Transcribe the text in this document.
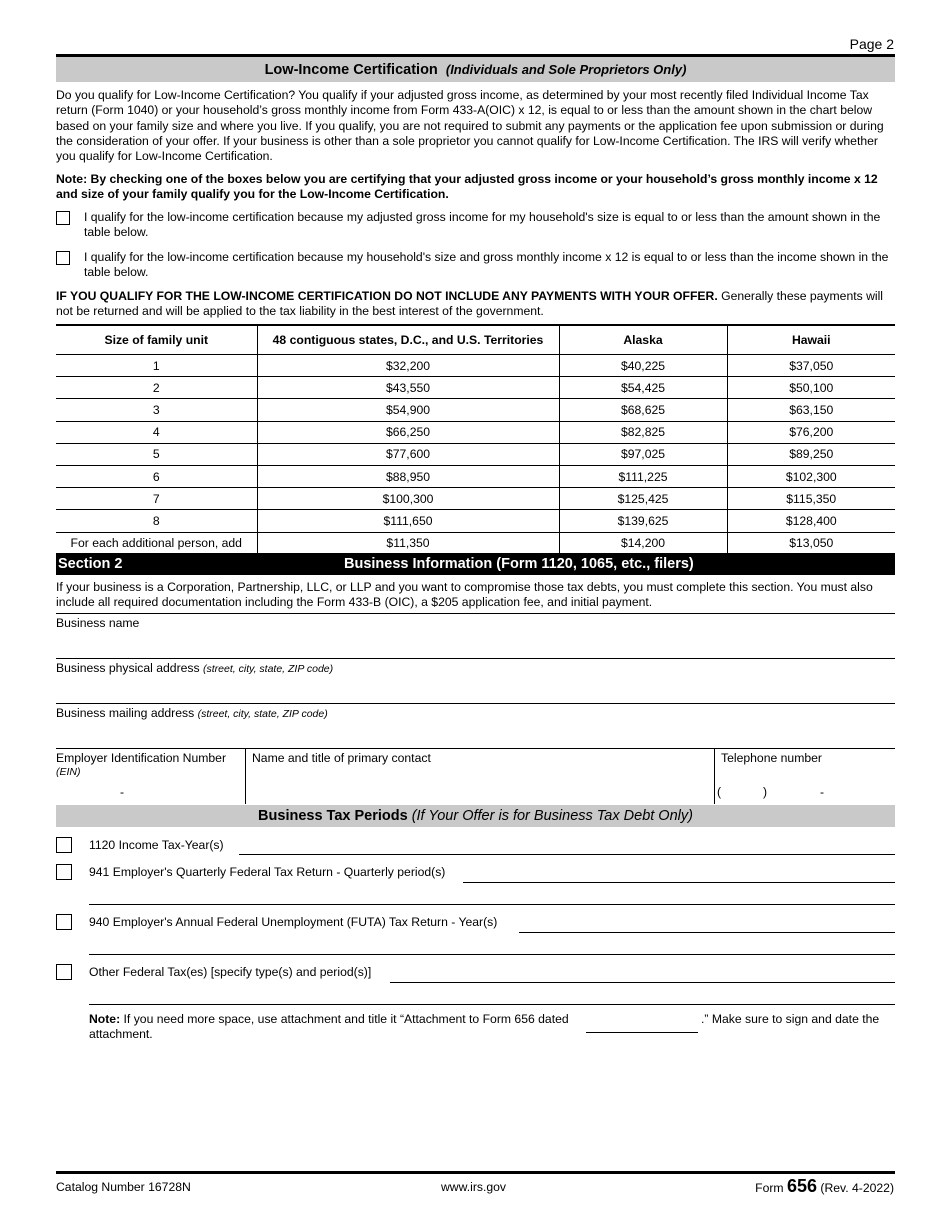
Page 2
Low-Income Certification (Individuals and Sole Proprietors Only)
Do you qualify for Low-Income Certification? You qualify if your adjusted gross income, as determined by your most recently filed Individual Income Tax return (Form 1040) or your household’s gross monthly income from Form 433-A(OIC) x 12, is equal to or less than the amount shown in the chart below based on your family size and where you live. If you qualify, you are not required to submit any payments or the application fee upon submission or during the consideration of your offer. If your business is other than a sole proprietor you cannot qualify for Low-Income Certification. The IRS will verify whether you qualify for Low-Income Certification.
Note: By checking one of the boxes below you are certifying that your adjusted gross income or your household’s gross monthly income x 12 and size of your family qualify you for the Low-Income Certification.
I qualify for the low-income certification because my adjusted gross income for my household's size is equal to or less than the amount shown in the table below.
I qualify for the low-income certification because my household's size and gross monthly income x 12 is equal to or less than the income shown in the table below.
IF YOU QUALIFY FOR THE LOW-INCOME CERTIFICATION DO NOT INCLUDE ANY PAYMENTS WITH YOUR OFFER. Generally these payments will not be returned and will be applied to the tax liability in the best interest of the government.
Size of family unit	48 contiguous states, D.C., and U.S. Territories	Alaska	Hawaii
1	$32,200	$40,225	$37,050
2	$43,550	$54,425	$50,100
3	$54,900	$68,625	$63,150
4	$66,250	$82,825	$76,200
5	$77,600	$97,025	$89,250
6	$88,950	$111,225	$102,300
7	$100,300	$125,425	$115,350
8	$111,650	$139,625	$128,400
For each additional person, add	$11,350	$14,200	$13,050
Section 2	Business Information (Form 1120, 1065, etc., filers)
If your business is a Corporation, Partnership, LLC, or LLP and you want to compromise those tax debts, you must complete this section. You must also include all required documentation including the Form 433-B (OIC), a $205 application fee, and initial payment.
Business name
Business physical address (street, city, state, ZIP code)
Business mailing address (street, city, state, ZIP code)
Employer Identification Number
(EIN)
-
Name and title of primary contact	Telephone number
(	)	-
Business Tax Periods (If Your Offer is for Business Tax Debt Only)
1120 Income Tax-Year(s)
941 Employer's Quarterly Federal Tax Return - Quarterly period(s)
940 Employer's Annual Federal Unemployment (FUTA) Tax Return - Year(s)
Other Federal Tax(es) [specify type(s) and period(s)]
Note: If you need more space, use attachment and title it “Attachment to Form 656 dated	.” Make sure to sign and date the
attachment.
Catalog Number 16728N	www.irs.gov	Form 656 (Rev. 4-2022)
